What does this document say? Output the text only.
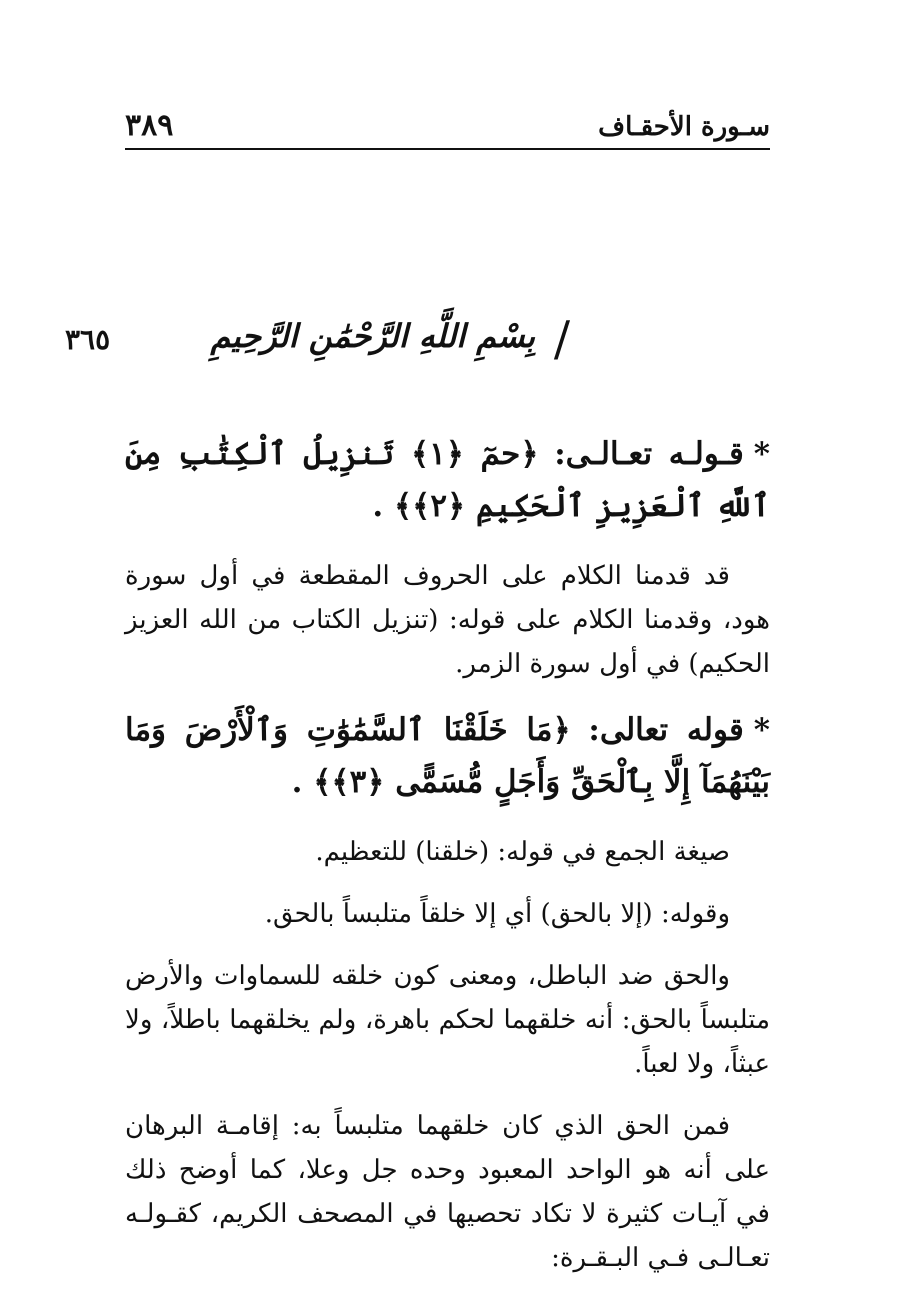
سـورة الأحقـاف
٣٨٩
٣٦٥	/
بِسْمِ اللَّهِ الرَّحْمَٰنِ الرَّحِيمِ

*قـولـه تعـالـى: ﴿حمٓ ﴿١﴾ تَنزِيلُ ٱلْكِتَٰبِ مِنَ ٱللَّهِ ٱلْعَزِيزِ ٱلْحَكِيمِ ﴿٢﴾﴾ .

قد قدمنا الكلام على الحروف المقطعة في أول سورة هود، وقدمنا الكلام على قوله: (تنزيل الكتاب من الله العزيز الحكيم) في أول سورة الزمر.

*قوله تعالى: ﴿مَا خَلَقْنَا ٱلسَّمَٰوَٰتِ وَٱلْأَرْضَ وَمَا بَيْنَهُمَآ إِلَّا بِٱلْحَقِّ وَأَجَلٍ مُّسَمًّى ﴿٣﴾﴾ .

صيغة الجمع في قوله: (خلقنا) للتعظيم.

وقوله: (إلا بالحق) أي إلا خلقاً متلبساً بالحق.

والحق ضد الباطل، ومعنى كون خلقه للسماوات والأرض متلبساً بالحق: أنه خلقهما لحكم باهرة، ولم يخلقهما باطلاً، ولا عبثاً، ولا لعباً.

فمن الحق الذي كان خلقهما متلبساً به: إقامـة البرهان على أنه هو الواحد المعبود وحده جل وعلا، كما أوضح ذلك في آيـات كثيرة لا تكاد تحصيها في المصحف الكريم، كقـولـه تعـالـى فـي البـقـرة:
